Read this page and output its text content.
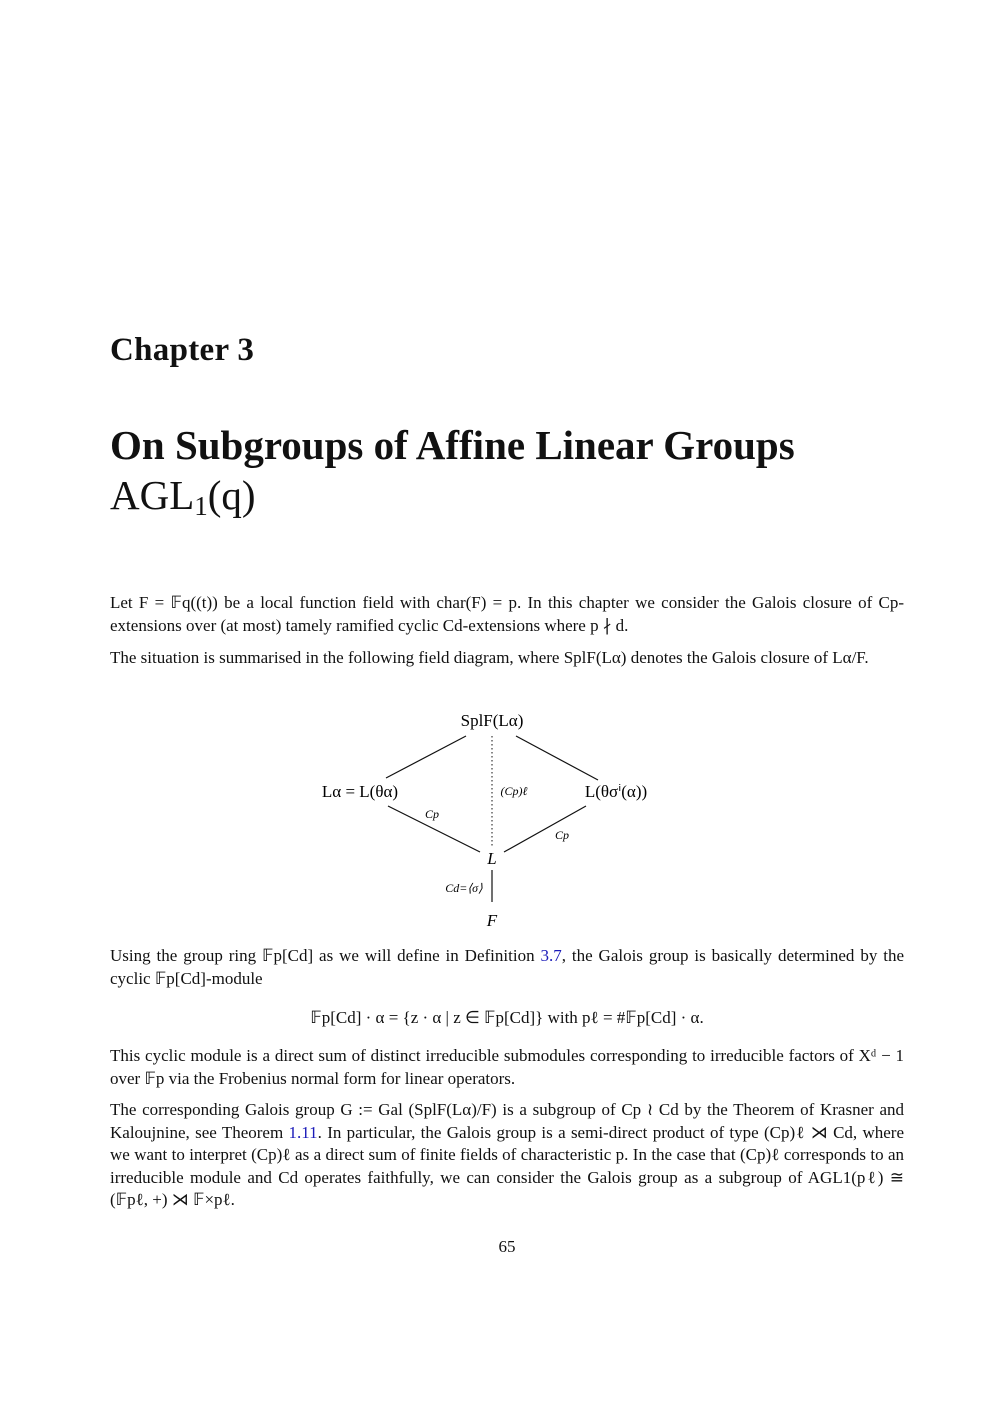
Chapter 3
On Subgroups of Affine Linear Groups
$AGL_1(q)$

Let F = 𝔽q((t)) be a local function field with char(F) = p. In this chapter we consider the Galois closure of Cp-extensions over (at most) tamely ramified cyclic Cd-extensions where p ∤ d.

The situation is summarised in the following field diagram, where SplF(Lα) denotes the Galois closure of Lα/F.

Using the group ring 𝔽p[Cd] as we will define in Definition 3.7, the Galois group is basically determined by the cyclic 𝔽p[Cd]-module

𝔽p[Cd] · α = {z · α | z ∈ 𝔽p[Cd]} with pℓ = #𝔽p[Cd] · α.

This cyclic module is a direct sum of distinct irreducible submodules corresponding to irreducible factors of Xᵈ − 1 over 𝔽p via the Frobenius normal form for linear operators.

The corresponding Galois group G := Gal (SplF(Lα)/F) is a subgroup of Cp ≀ Cd by the Theorem of Krasner and Kaloujnine, see Theorem 1.11. In particular, the Galois group is a semi-direct product of type (Cp)ℓ ⋊ Cd, where we want to interpret (Cp)ℓ as a direct sum of finite fields of characteristic p. In the case that (Cp)ℓ corresponds to an irreducible module and Cd operates faithfully, we can consider the Galois group as a subgroup of AGL1(pℓ) ≅ (𝔽pℓ, +) ⋊ 𝔽×pℓ.

65
SplF(Lα)
Lα = L(θα)	L(θσⁱ(α))
L
F
(Cp)ℓ
Cp
Cp
Cd=⟨σ⟩
